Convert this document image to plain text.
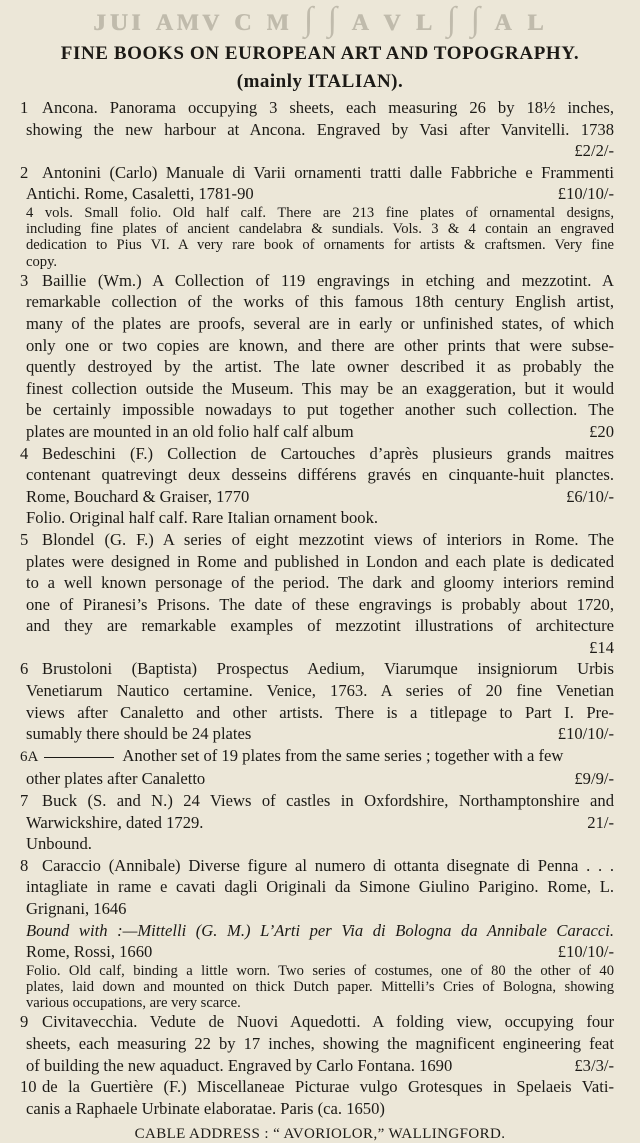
ᴊᴜɪ ᴀᴍᴠ ᴄ ᴍ ∫ ∫ ᴀ ᴠ ʟ ∫ ∫ ᴀ ʟ
FINE BOOKS ON EUROPEAN ART AND TOPOGRAPHY.
(mainly ITALIAN).
1 Ancona. Panorama occupying 3 sheets, each measuring 26 by 18½ inches,
showing the new harbour at Ancona. Engraved by Vasi after Vanvitelli. 1738
£2/2/-
2 Antonini (Carlo) Manuale di Varii ornamenti tratti dalle Fabbriche e Frammenti
Antichi. Rome, Casaletti, 1781-90	£10/10/-
4 vols. Small folio. Old half calf. There are 213 fine plates of ornamental designs,
including fine plates of ancient candelabra & sundials. Vols. 3 & 4 contain an engraved
dedication to Pius VI. A very rare book of ornaments for artists & craftsmen. Very fine
copy.
3 Baillie (Wm.) A Collection of 119 engravings in etching and mezzotint. A
remarkable collection of the works of this famous 18th century English artist,
many of the plates are proofs, several are in early or unfinished states, of which
only one or two copies are known, and there are other prints that were subse-
quently destroyed by the artist. The late owner described it as probably the
finest collection outside the Museum. This may be an exaggeration, but it would
be certainly impossible nowadays to put together another such collection. The
plates are mounted in an old folio half calf album	£20
4 Bedeschini (F.) Collection de Cartouches d’après plusieurs grands maitres
contenant quatrevingt deux desseins différens gravés en cinquante-huit planctes.
Rome, Bouchard & Graiser, 1770	£6/10/-
Folio. Original half calf. Rare Italian ornament book.
5 Blondel (G. F.) A series of eight mezzotint views of interiors in Rome. The
plates were designed in Rome and published in London and each plate is dedicated
to a well known personage of the period. The dark and gloomy interiors remind
one of Piranesi’s Prisons. The date of these engravings is probably about 1720,
and they are remarkable examples of mezzotint illustrations of architecture
£14
6 Brustoloni (Baptista) Prospectus Aedium, Viarumque insigniorum Urbis
Venetiarum Nautico certamine. Venice, 1763. A series of 20 fine Venetian
views after Canaletto and other artists. There is a titlepage to Part I. Pre-
sumably there should be 24 plates	£10/10/-
6A	Another set of 19 plates from the same series ; together with a few
other plates after Canaletto	£9/9/-
7 Buck (S. and N.) 24 Views of castles in Oxfordshire, Northamptonshire and
Warwickshire, dated 1729.	21/-
Unbound.
8 Caraccio (Annibale) Diverse figure al numero di ottanta disegnate di Penna . . .
intagliate in rame e cavati dagli Originali da Simone Giulino Parigino. Rome, L.
Grignani, 1646
Bound with :—Mittelli (G. M.) L’Arti per Via di Bologna da Annibale Caracci.
Rome, Rossi, 1660	£10/10/-
Folio. Old calf, binding a little worn. Two series of costumes, one of 80 the other of 40
plates, laid down and mounted on thick Dutch paper. Mittelli’s Cries of Bologna, showing
various occupations, are very scarce.
9 Civitavecchia. Vedute de Nuovi Aquedotti. A folding view, occupying four
sheets, each measuring 22 by 17 inches, showing the magnificent engineering feat
of building the new aquaduct. Engraved by Carlo Fontana. 1690	£3/3/-
10 de la Guertière (F.) Miscellaneae Picturae vulgo Grotesques in Spelaeis Vati-
canis a Raphaele Urbinate elaboratae. Paris (ca. 1650)
CABLE ADDRESS : “ AVORIOLOR,” WALLINGFORD.
